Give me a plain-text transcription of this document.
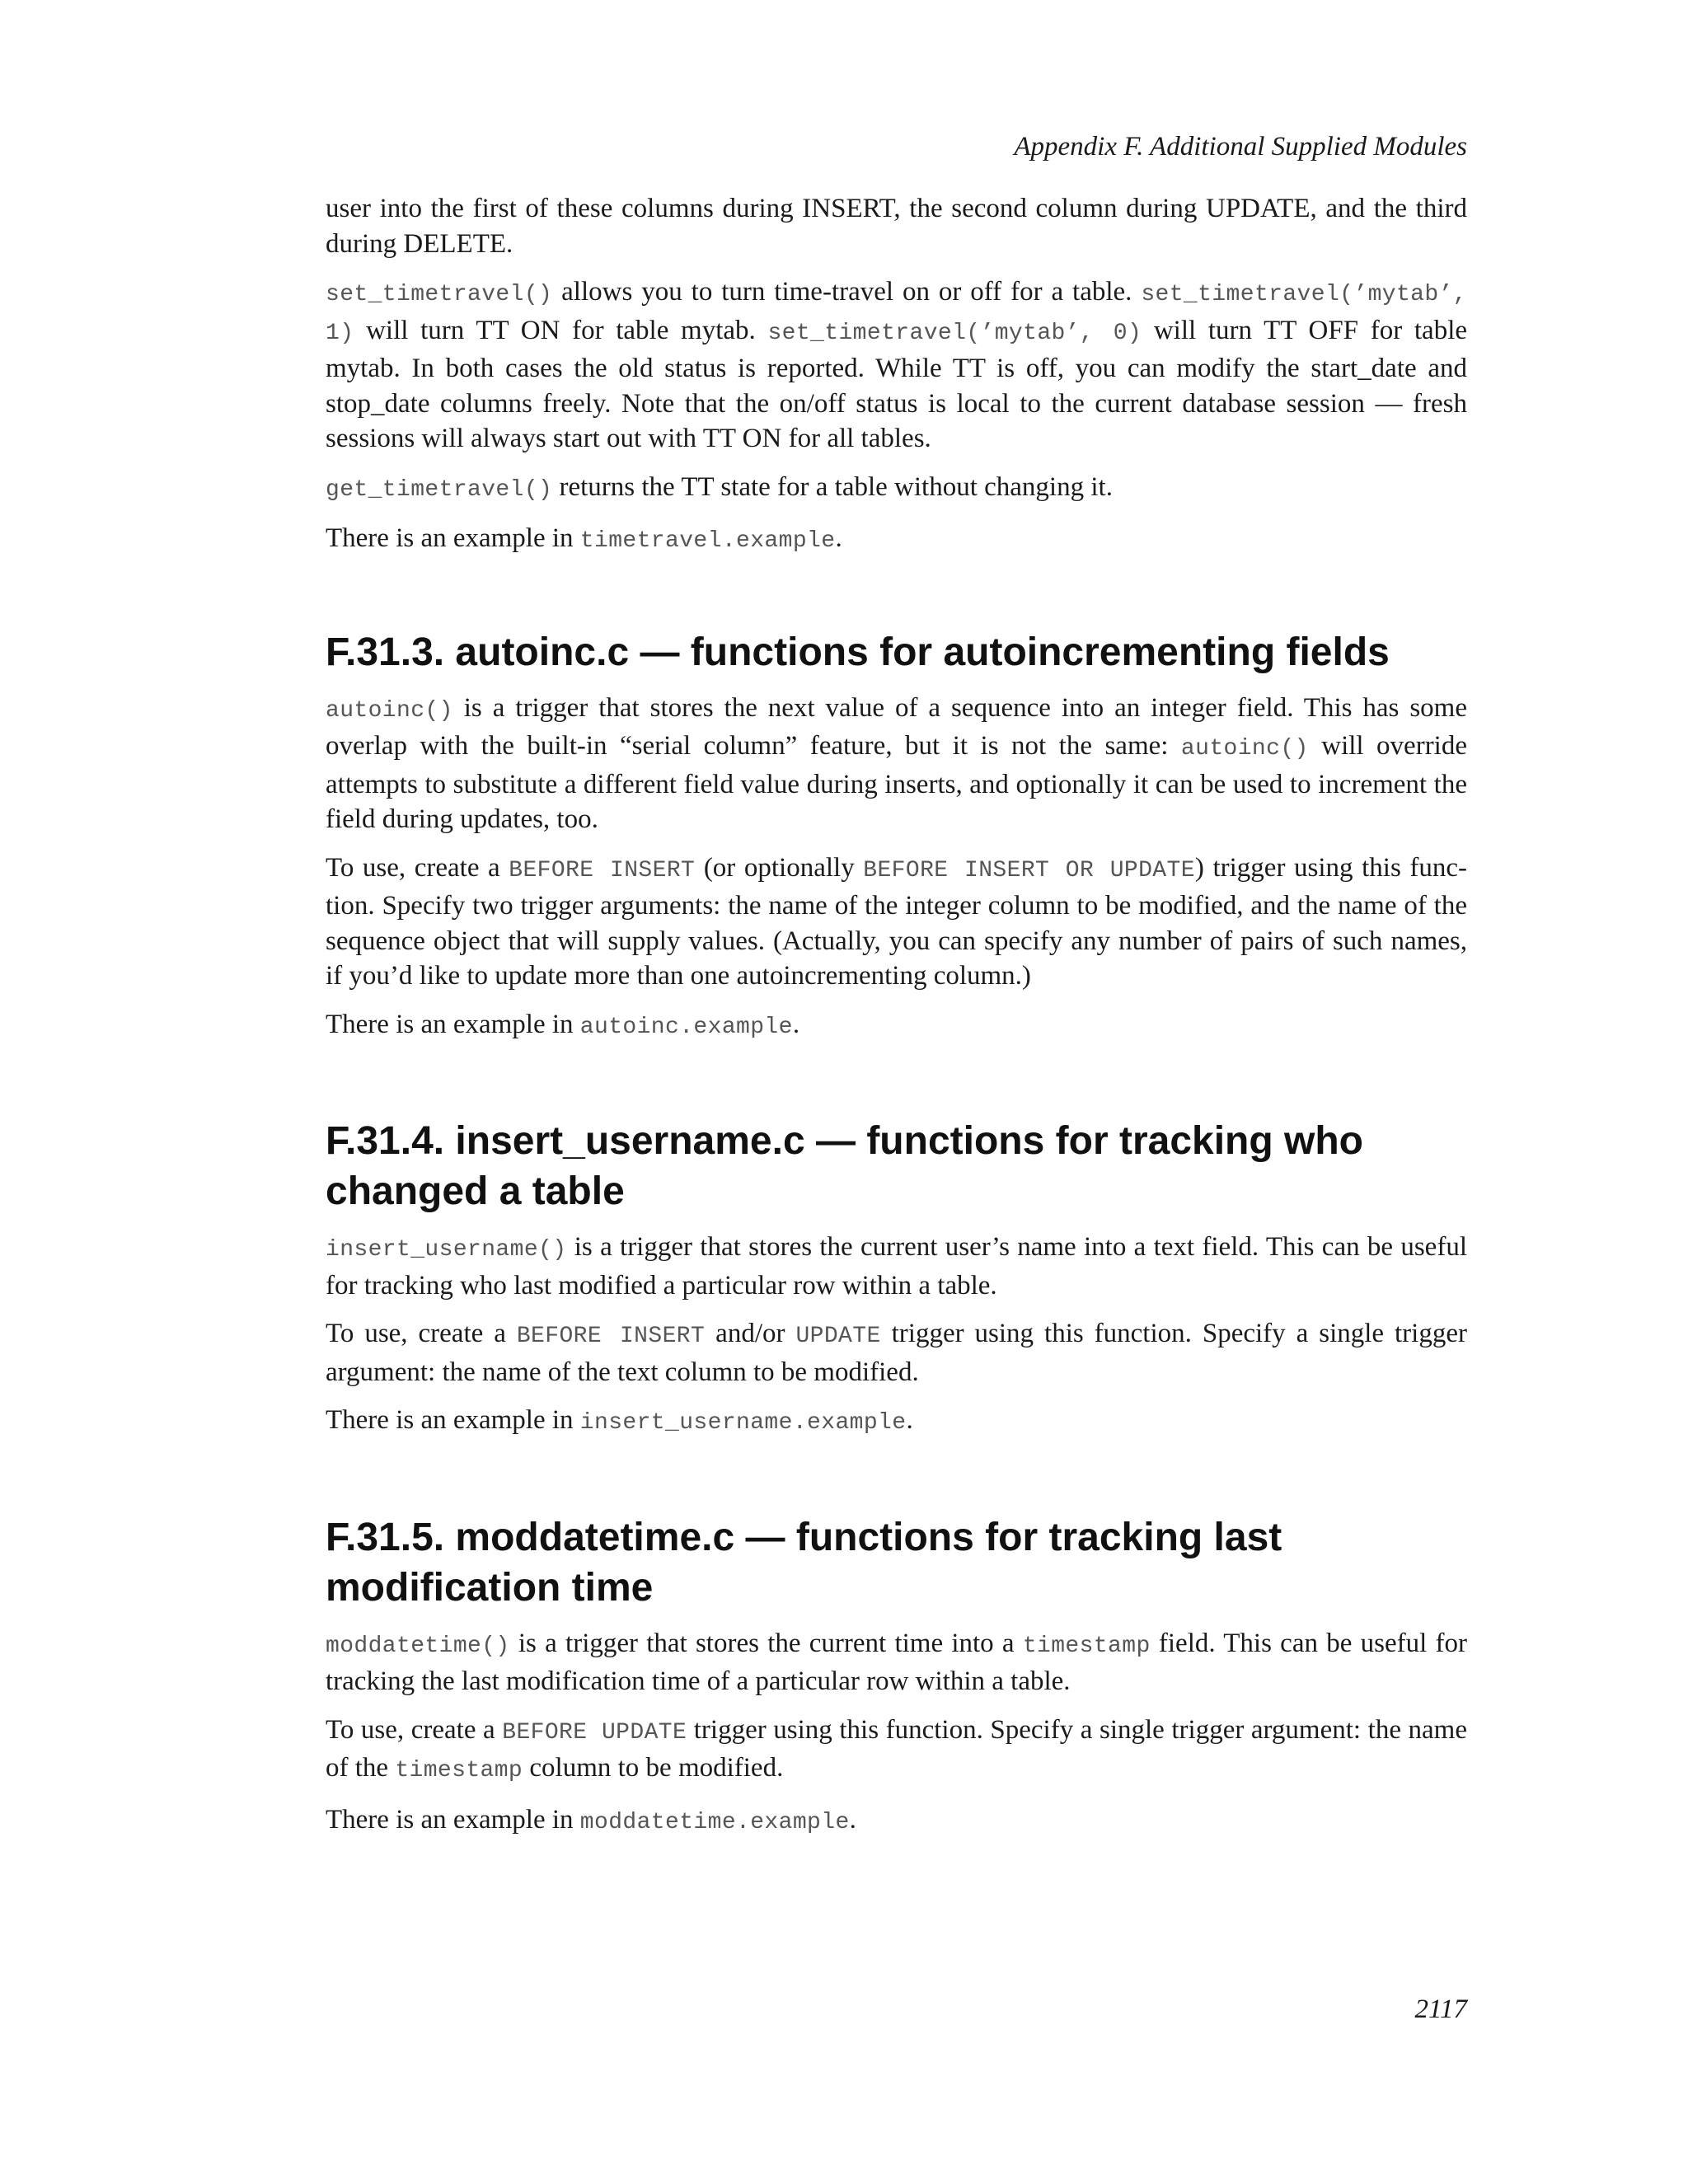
Appendix F. Additional Supplied Modules

user into the first of these columns during INSERT, the second column during UPDATE, and the third during DELETE.

set_timetravel() allows you to turn time-travel on or off for a table. set_timetravel(’mytab’, 1) will turn TT ON for table mytab. set_timetravel(’mytab’, 0) will turn TT OFF for table mytab. In both cases the old status is reported. While TT is off, you can modify the start_date and stop_date columns freely. Note that the on/off status is local to the current database session — fresh sessions will always start out with TT ON for all tables.

get_timetravel() returns the TT state for a table without changing it.

There is an example in timetravel.example.

F.31.3. autoinc.c — functions for autoincrementing fields

autoinc() is a trigger that stores the next value of a sequence into an integer field. This has some overlap with the built-in “serial column” feature, but it is not the same: autoinc() will override attempts to substitute a different field value during inserts, and optionally it can be used to increment the field during updates, too.

To use, create a BEFORE INSERT (or optionally BEFORE INSERT OR UPDATE) trigger using this func-tion. Specify two trigger arguments: the name of the integer column to be modified, and the name of the sequence object that will supply values. (Actually, you can specify any number of pairs of such names, if you’d like to update more than one autoincrementing column.)

There is an example in autoinc.example.

F.31.4. insert_username.c — functions for tracking who changed a table

insert_username() is a trigger that stores the current user’s name into a text field. This can be useful for tracking who last modified a particular row within a table.

To use, create a BEFORE INSERT and/or UPDATE trigger using this function. Specify a single trigger argument: the name of the text column to be modified.

There is an example in insert_username.example.

F.31.5. moddatetime.c — functions for tracking last modification time

moddatetime() is a trigger that stores the current time into a timestamp field. This can be useful for tracking the last modification time of a particular row within a table.

To use, create a BEFORE UPDATE trigger using this function. Specify a single trigger argument: the name of the timestamp column to be modified.

There is an example in moddatetime.example.

2117
